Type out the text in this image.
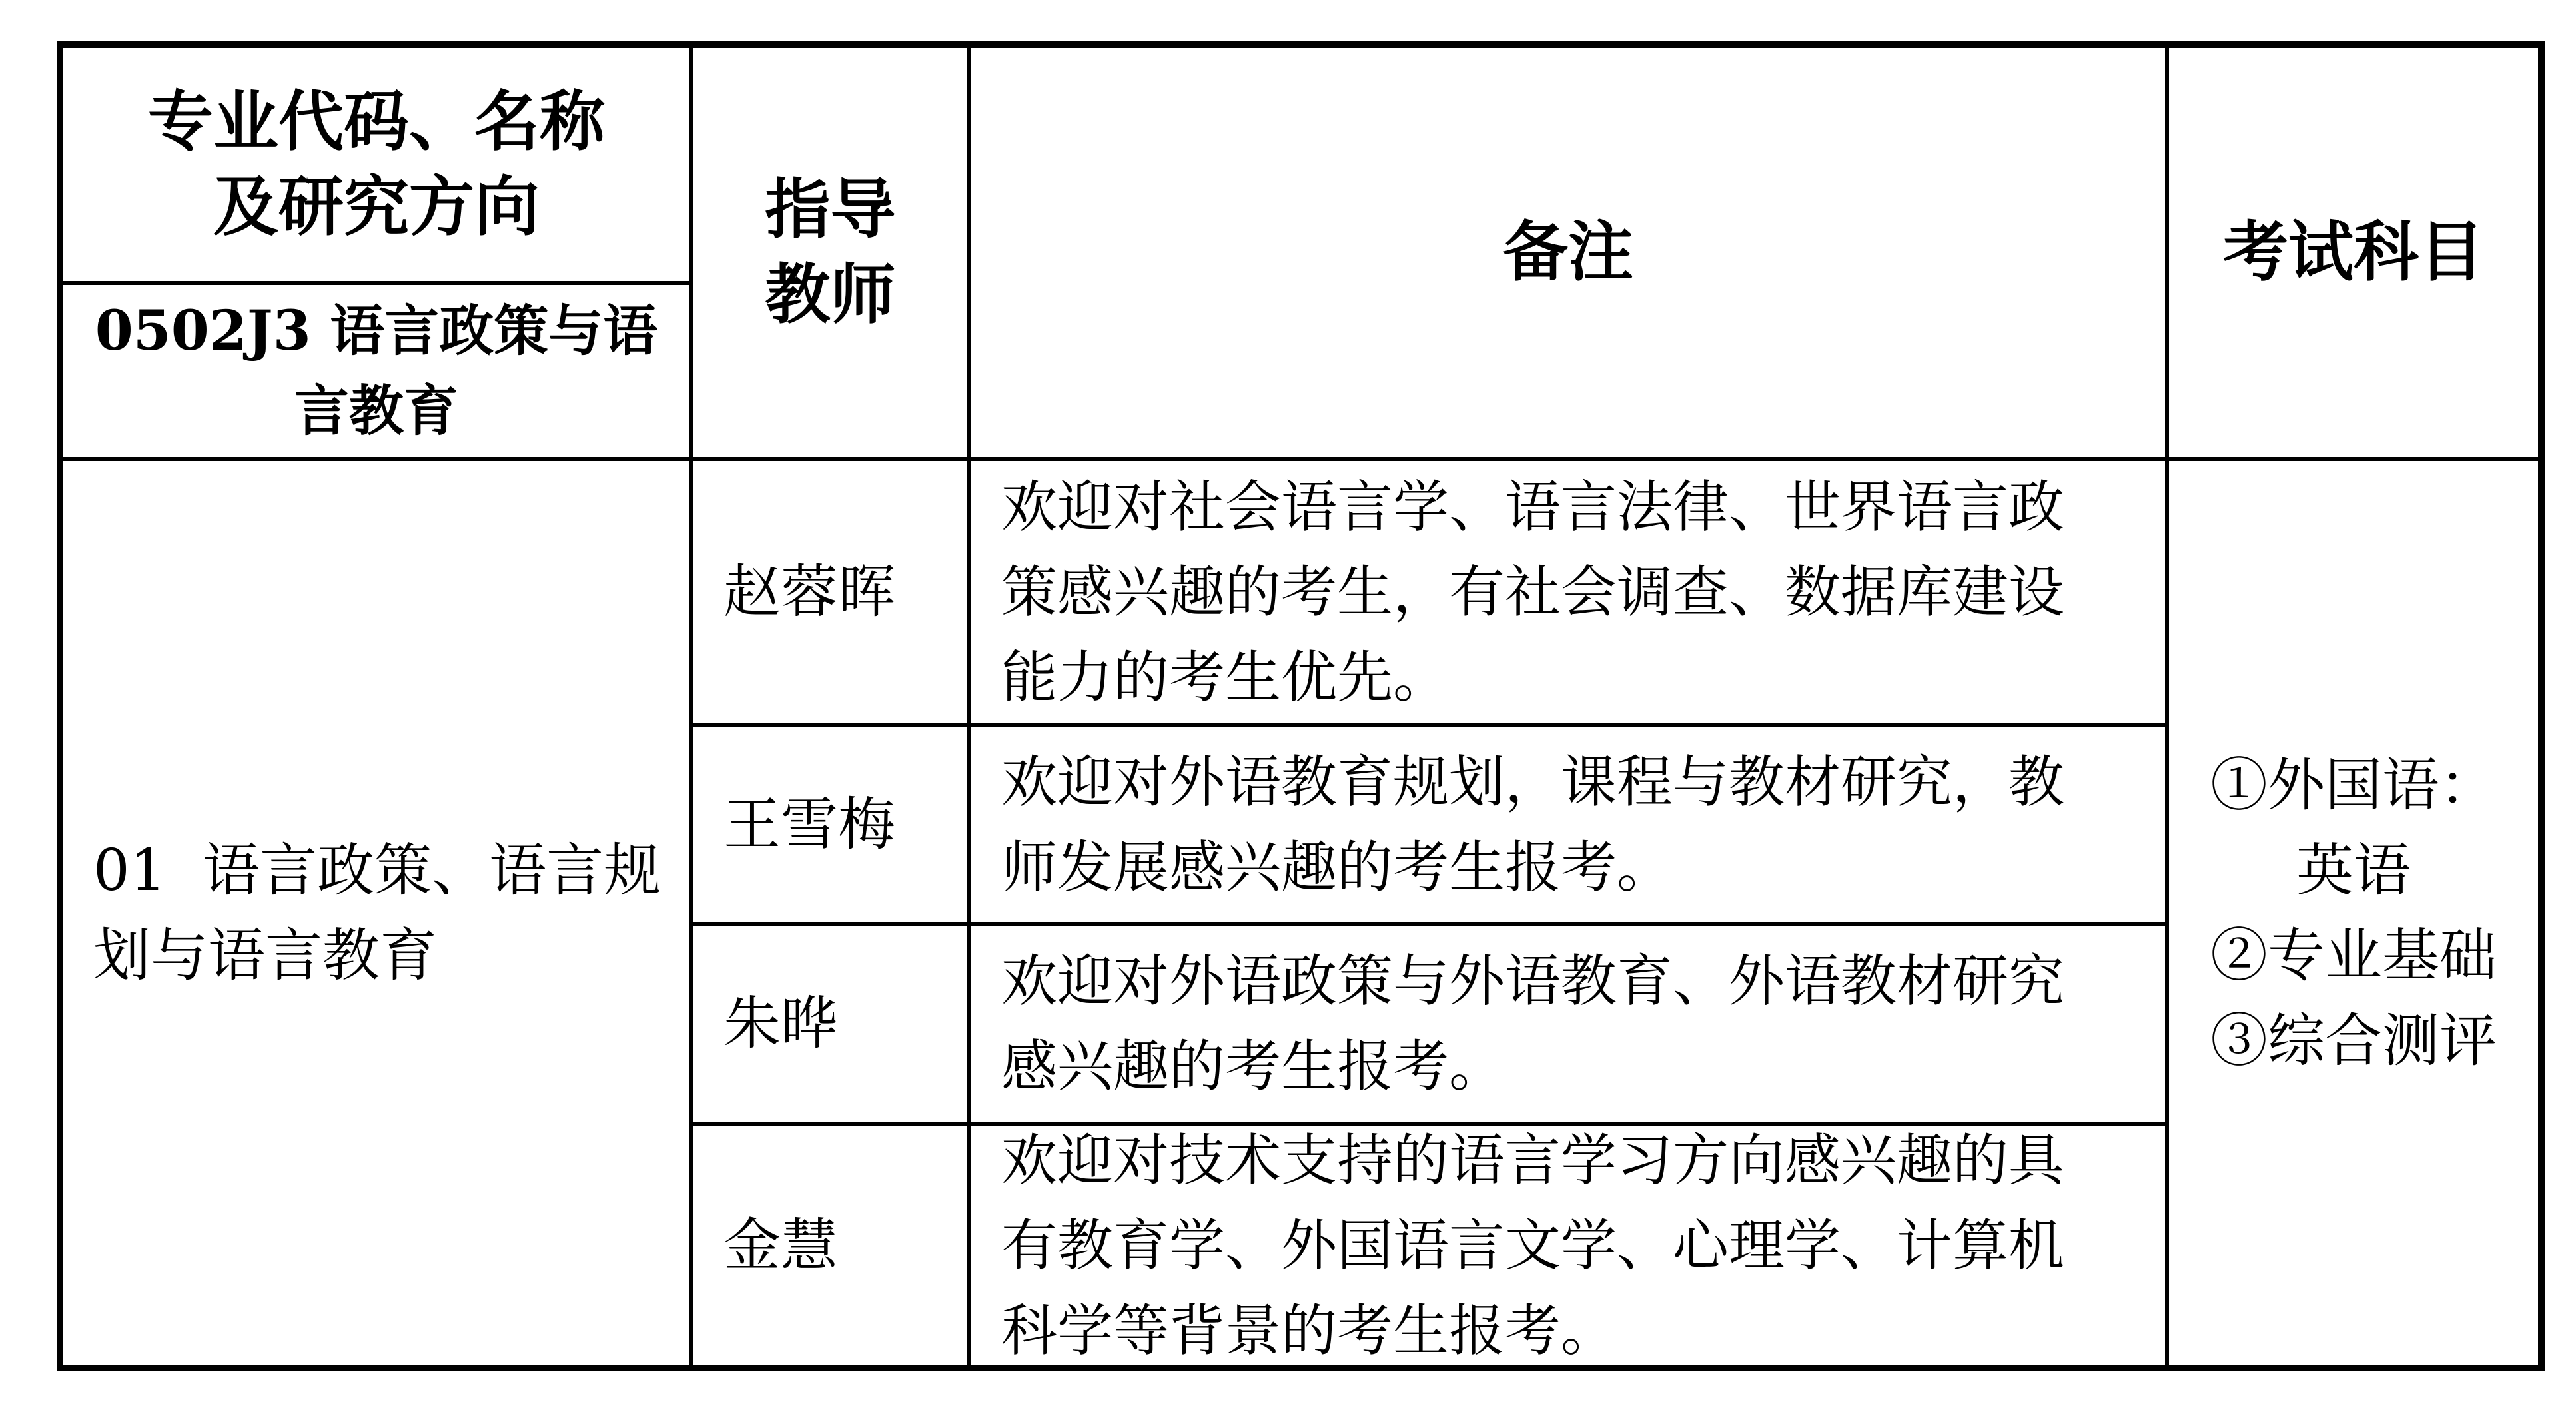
专业代码、名称
及研究方向
0502J3 语言政策与语
言教育
指导
教师
备注	考试科目
01  语言政策、语言规
划与语言教育
赵蓉晖
欢迎对社会语言学、语言法律、世界语言政
策感兴趣的考生，有社会调查、数据库建设
能力的考生优先。
王雪梅
欢迎对外语教育规划，课程与教材研究，教
师发展感兴趣的考生报考。
朱晔
欢迎对外语政策与外语教育、外语教材研究
感兴趣的考生报考。
金慧
欢迎对技术支持的语言学习方向感兴趣的具
有教育学、外国语言文学、心理学、计算机
科学等背景的考生报考。
①外国语：
英语
②专业基础
③综合测评
